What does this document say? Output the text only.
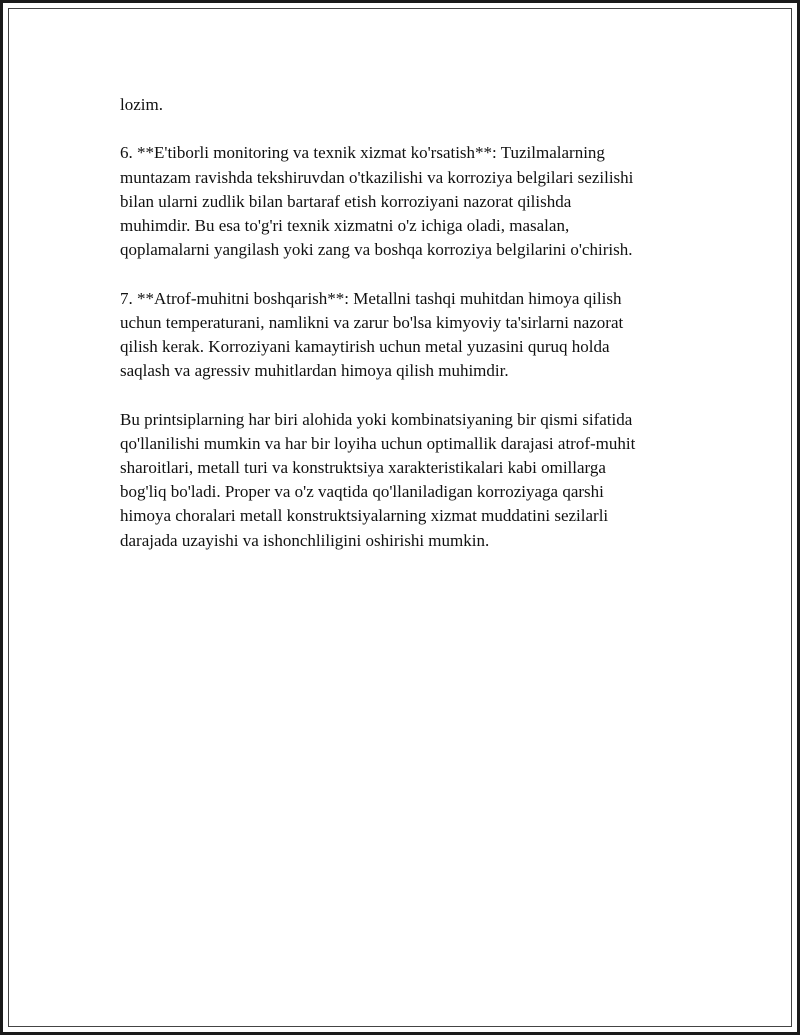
lozim.

6. **E'tiborli monitoring va texnik xizmat ko'rsatish**: Tuzilmalarning
muntazam ravishda tekshiruvdan o'tkazilishi va korroziya belgilari sezilishi
bilan ularni zudlik bilan bartaraf etish korroziyani nazorat qilishda
muhimdir. Bu esa to'g'ri texnik xizmatni o'z ichiga oladi, masalan,
qoplamalarni yangilash yoki zang va boshqa korroziya belgilarini o'chirish.

7. **Atrof-muhitni boshqarish**: Metallni tashqi muhitdan himoya qilish
uchun temperaturani, namlikni va zarur bo'lsa kimyoviy ta'sirlarni nazorat
qilish kerak. Korroziyani kamaytirish uchun metal yuzasini quruq holda
saqlash va agressiv muhitlardan himoya qilish muhimdir.

Bu printsiplarning har biri alohida yoki kombinatsiyaning bir qismi sifatida
qo'llanilishi mumkin va har bir loyiha uchun optimallik darajasi atrof-muhit
sharoitlari, metall turi va konstruktsiya xarakteristikalari kabi omillarga
bog'liq bo'ladi. Proper va o'z vaqtida qo'llaniladigan korroziyaga qarshi
himoya choralari metall konstruktsiyalarning xizmat muddatini sezilarli
darajada uzayishi va ishonchliligini oshirishi mumkin.
